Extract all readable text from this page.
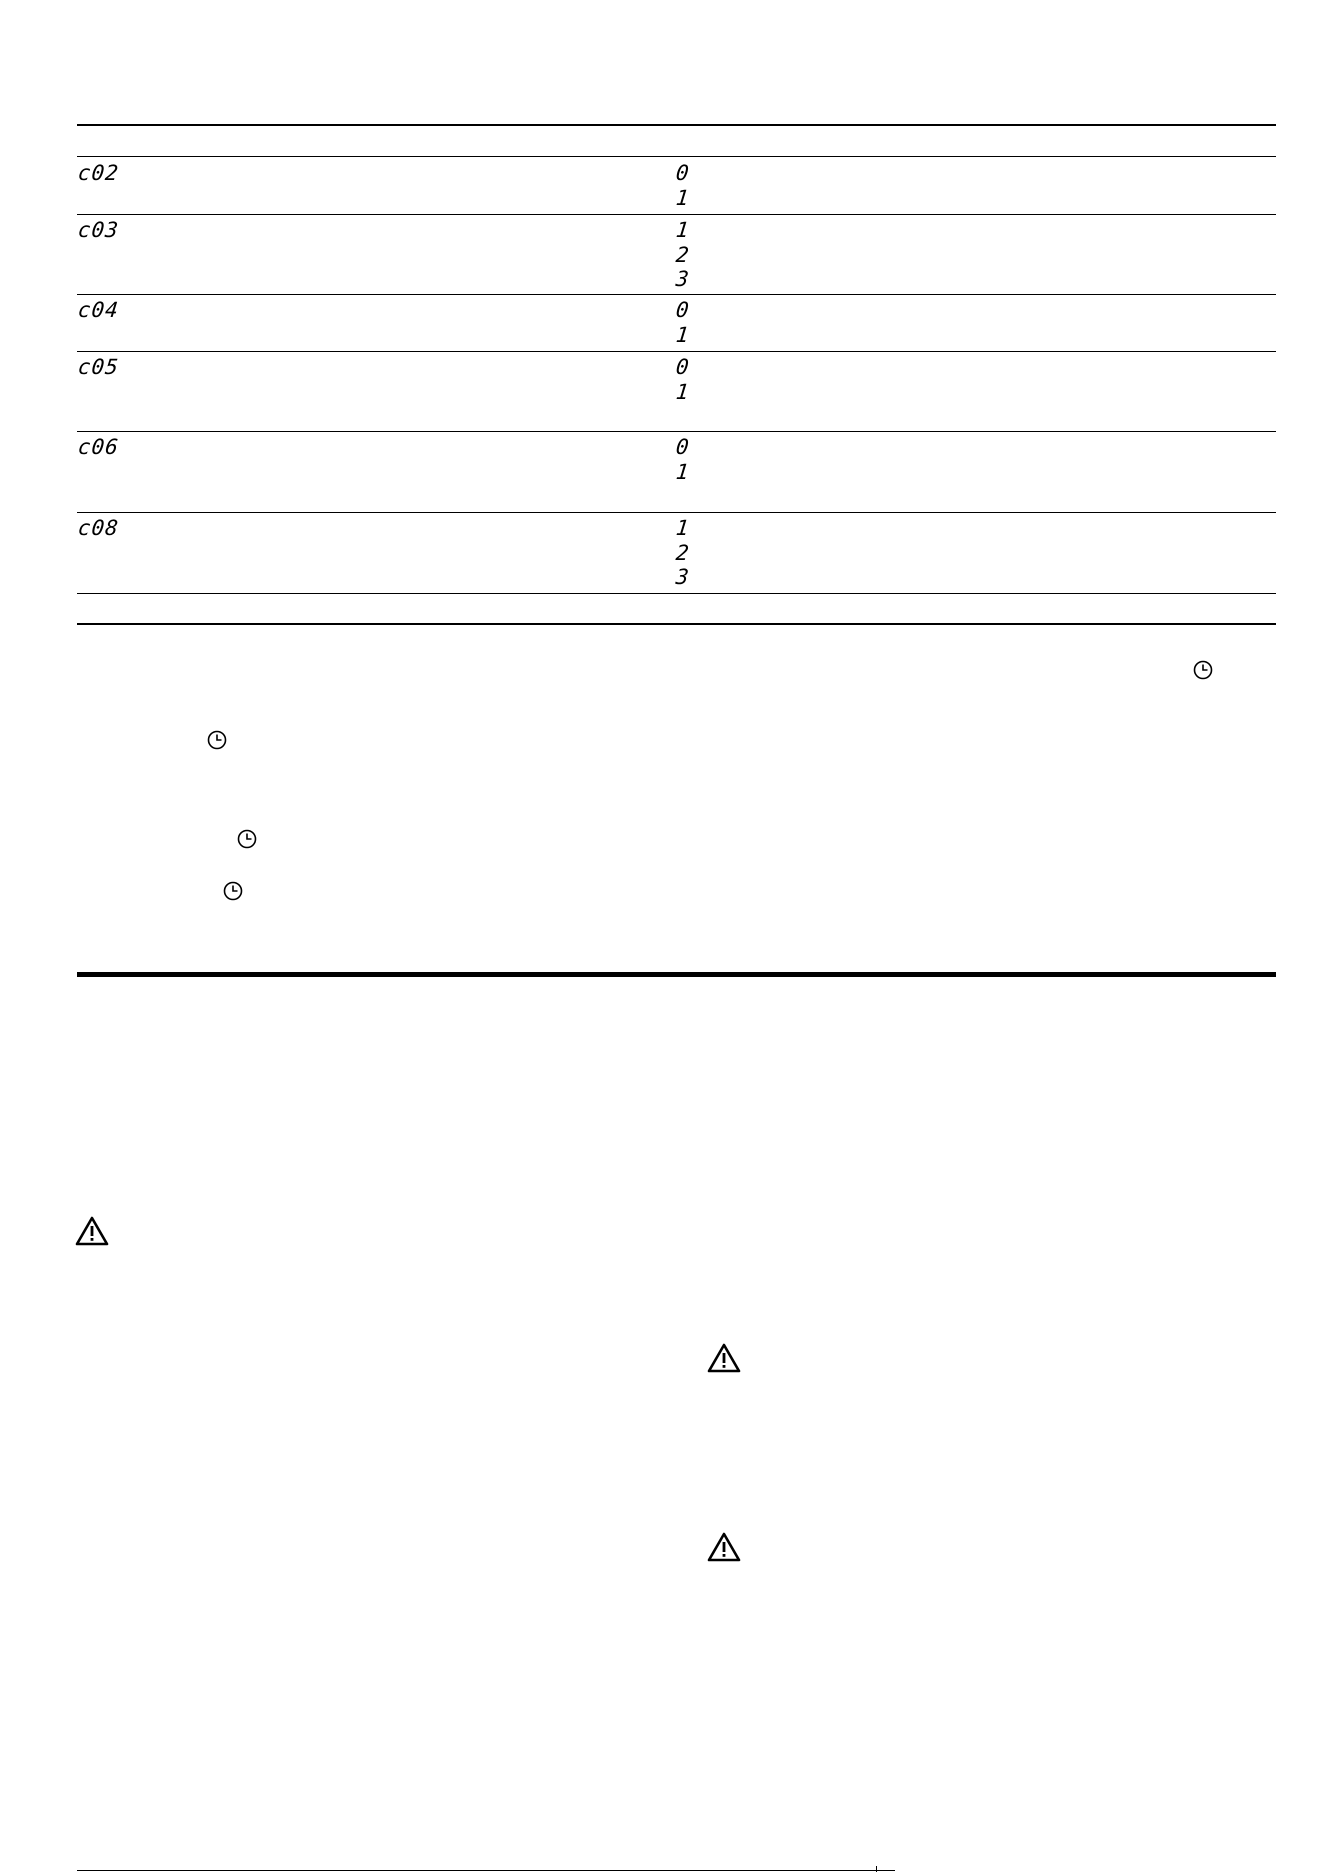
c02	0
1
c03	1
2
3
c04	0
1
c05	0
1
c06	0
1
c08	1
2
3
